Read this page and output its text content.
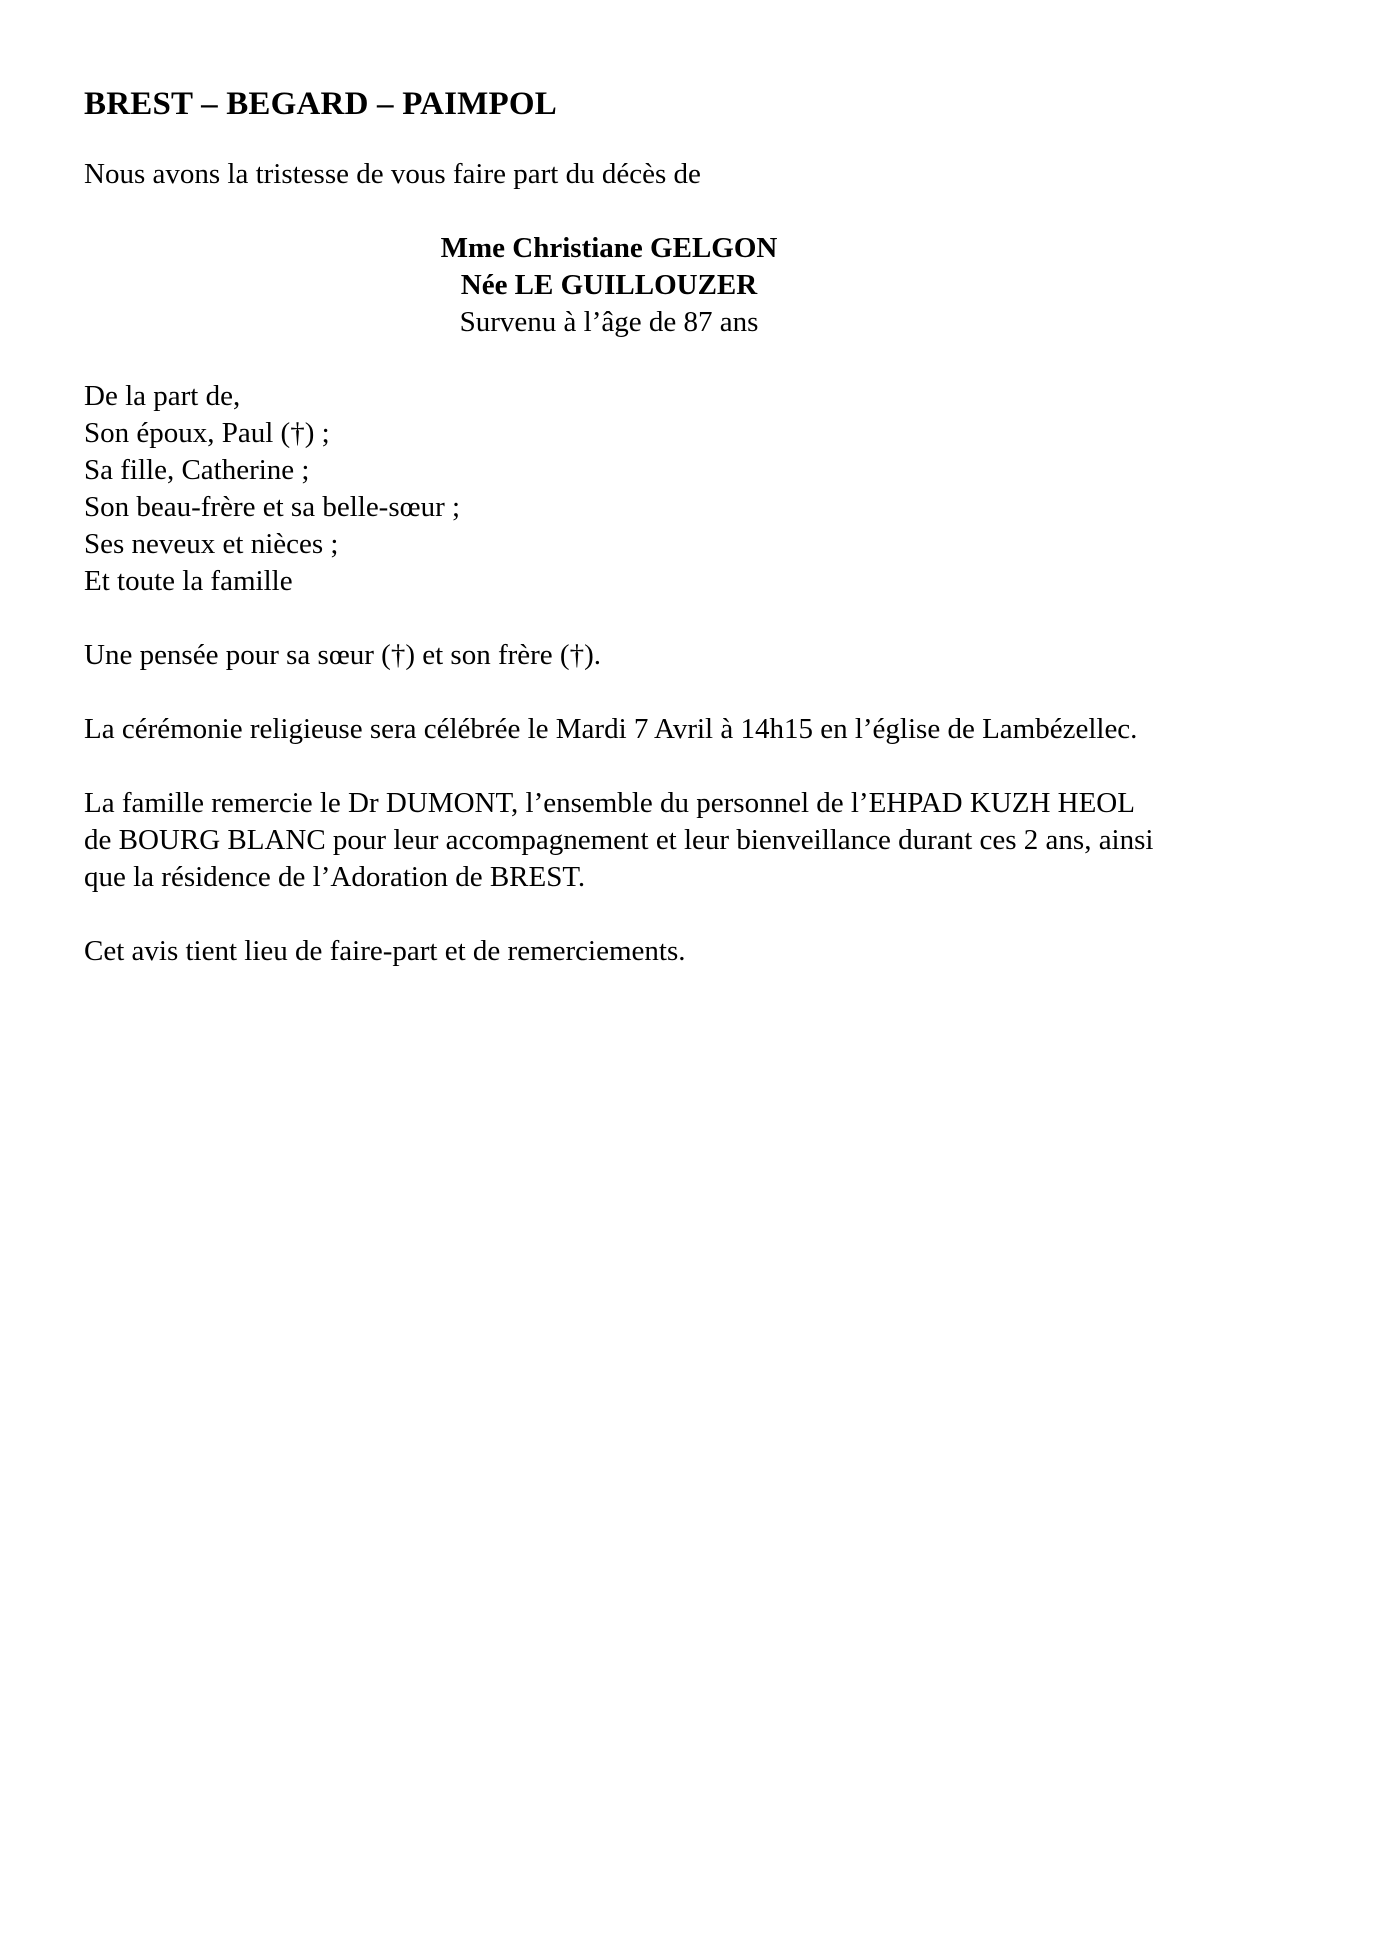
BREST – BEGARD – PAIMPOL

Nous avons la tristesse de vous faire part du décès de

Mme Christiane GELGON
Née LE GUILLOUZER
Survenu à l’âge de 87 ans
De la part de,
Son époux, Paul (†) ;
Sa fille, Catherine ;
Son beau-frère et sa belle-sœur ;
Ses neveux et nièces ;
Et toute la famille

Une pensée pour sa sœur (†) et son frère (†).

La cérémonie religieuse sera célébrée le Mardi 7 Avril à 14h15 en l’église de Lambézellec.

La famille remercie le Dr DUMONT, l’ensemble du personnel de l’EHPAD KUZH HEOL
de BOURG BLANC pour leur accompagnement et leur bienveillance durant ces 2 ans, ainsi
que la résidence de l’Adoration de BREST.

Cet avis tient lieu de faire-part et de remerciements.
